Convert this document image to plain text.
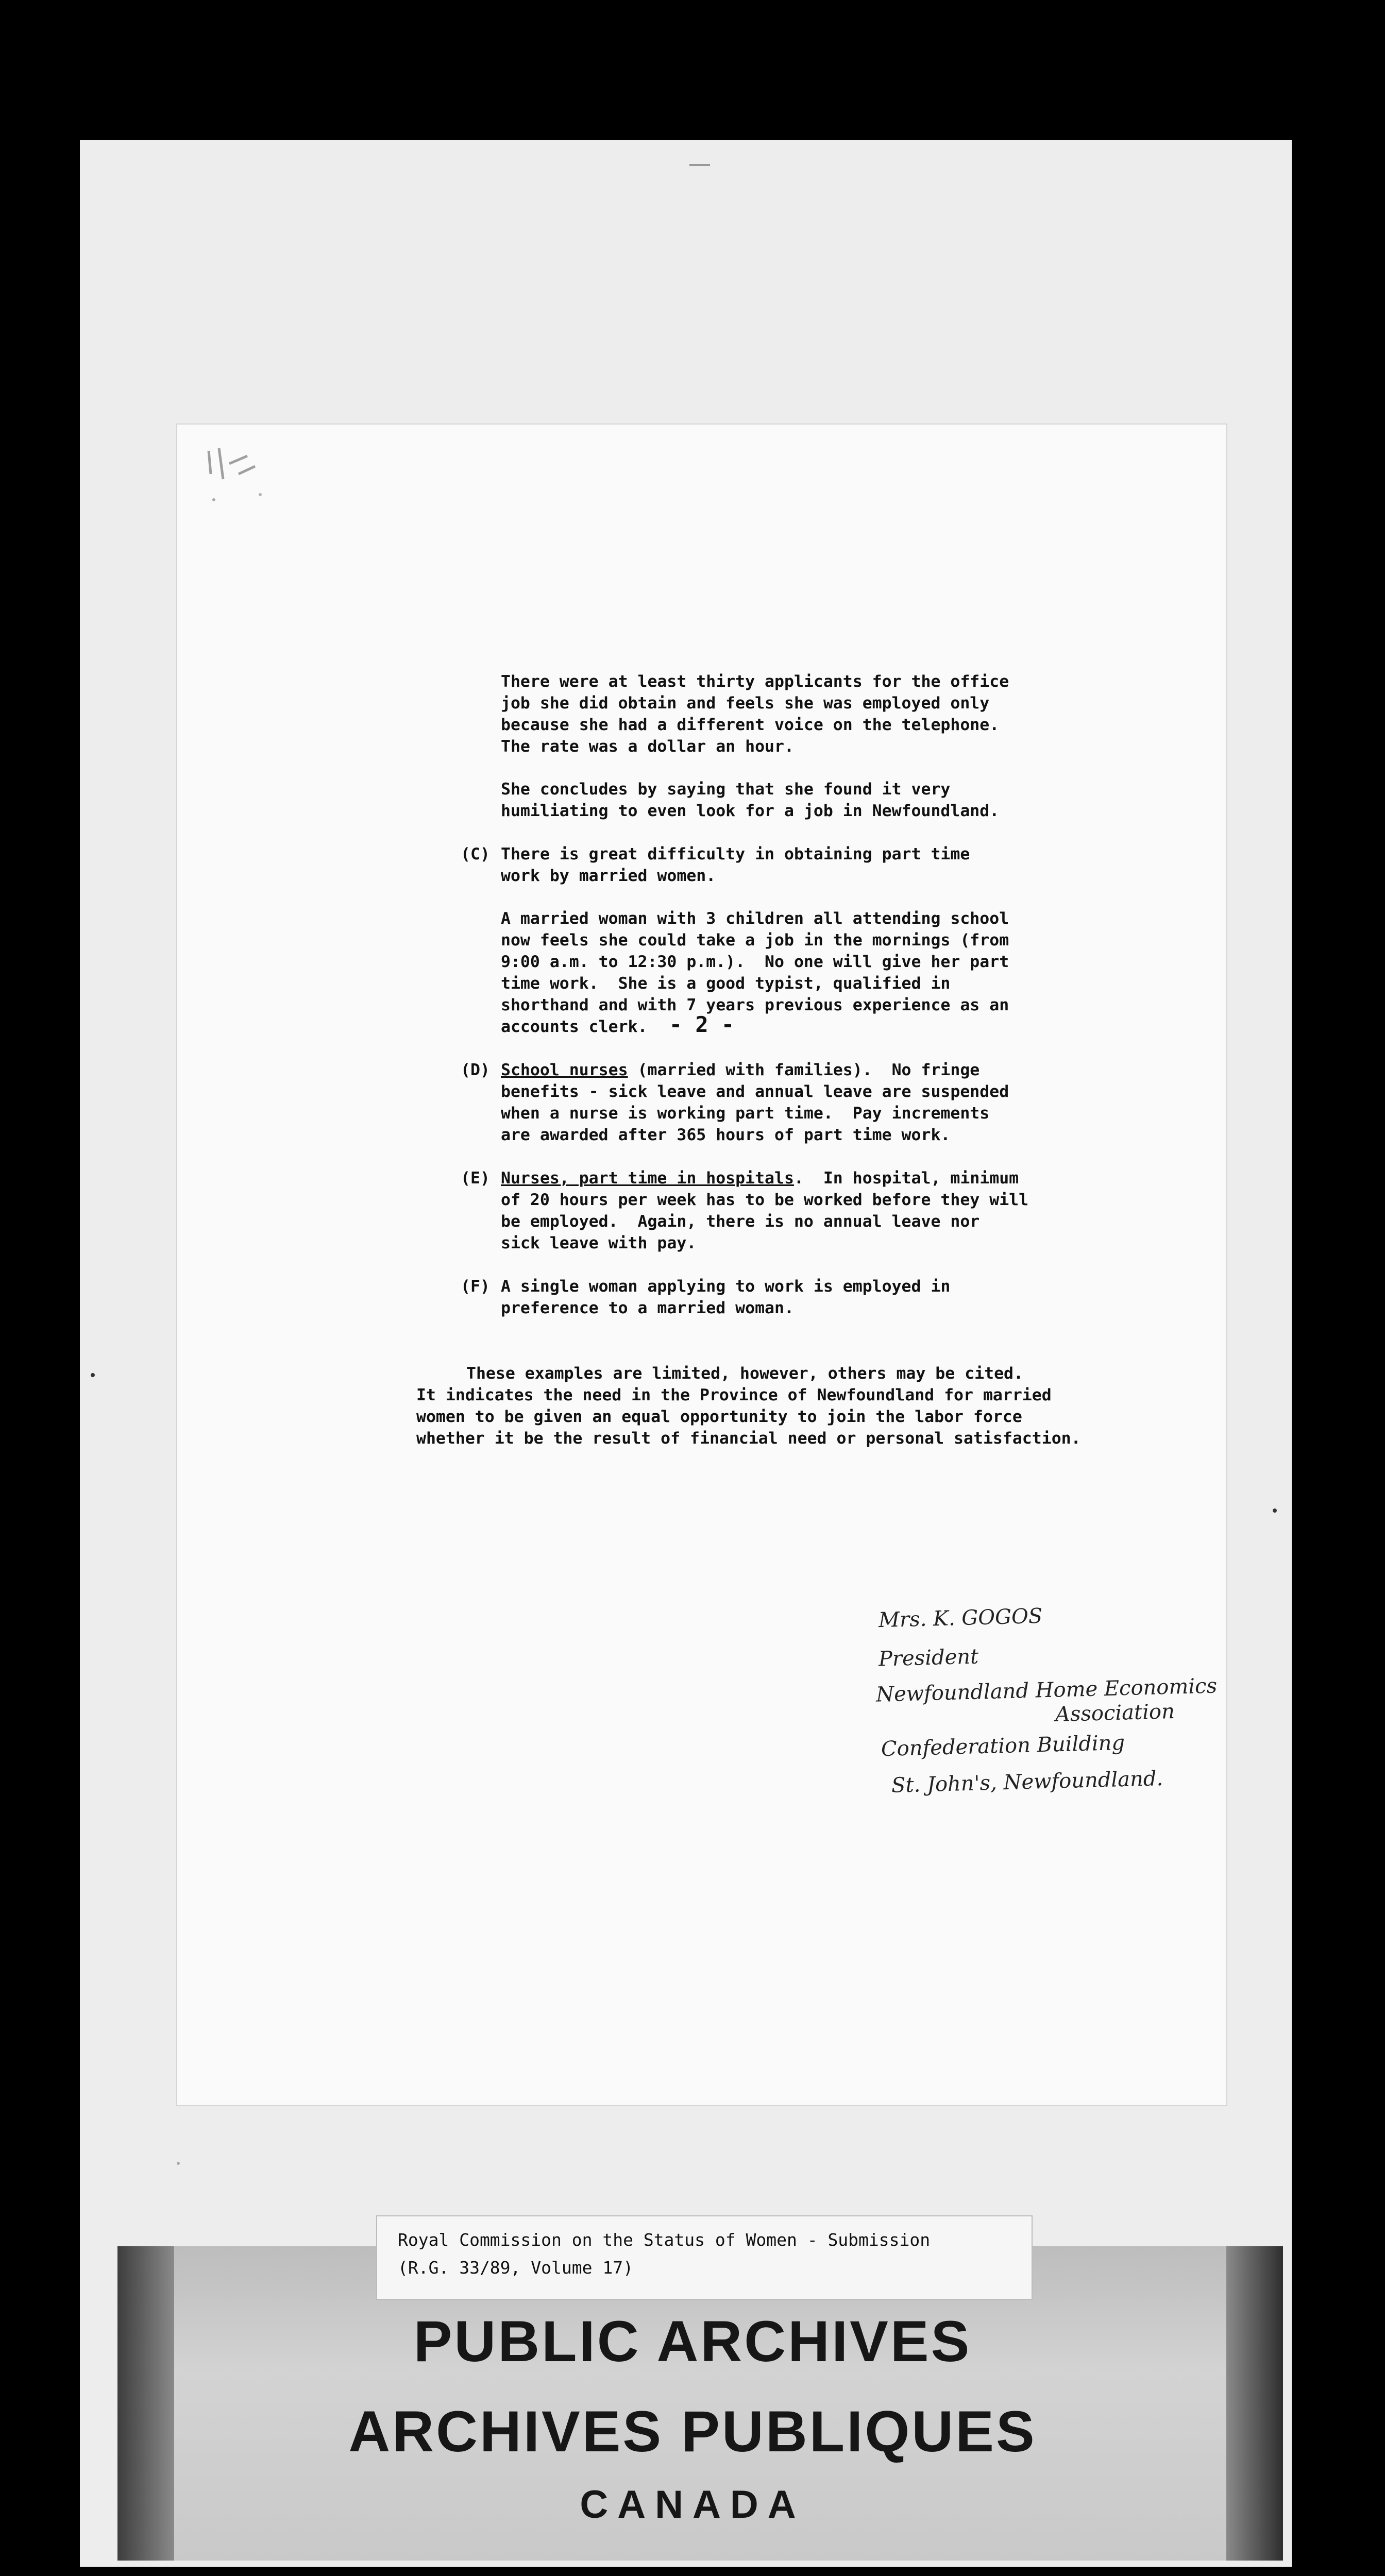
- 2 -
There were at least thirty applicants for the office
job she did obtain and feels she was employed only
because she had a different voice on the telephone.
The rate was a dollar an hour.
She concludes by saying that she found it very
humiliating to even look for a job in Newfoundland.
(C) There is great difficulty in obtaining part time
work by married women.
A married woman with 3 children all attending school
now feels she could take a job in the mornings (from
9:00 a.m. to 12:30 p.m.).  No one will give her part
time work.  She is a good typist, qualified in
shorthand and with 7 years previous experience as an
accounts clerk.
(D) School nurses (married with families).  No fringe
benefits - sick leave and annual leave are suspended
when a nurse is working part time.  Pay increments
are awarded after 365 hours of part time work.
(E) Nurses, part time in hospitals.  In hospital, minimum
of 20 hours per week has to be worked before they will
be employed.  Again, there is no annual leave nor
sick leave with pay.
(F) A single woman applying to work is employed in
preference to a married woman.
These examples are limited, however, others may be cited.
It indicates the need in the Province of Newfoundland for married
women to be given an equal opportunity to join the labor force
whether it be the result of financial need or personal satisfaction.
Mrs. K. GOGOS
President
Newfoundland Home Economics
Association
Confederation Building
St. John's, Newfoundland.
Royal Commission on the Status of Women - Submission
(R.G. 33/89, Volume 17)
PUBLIC ARCHIVES
ARCHIVES PUBLIQUES
CANADA
